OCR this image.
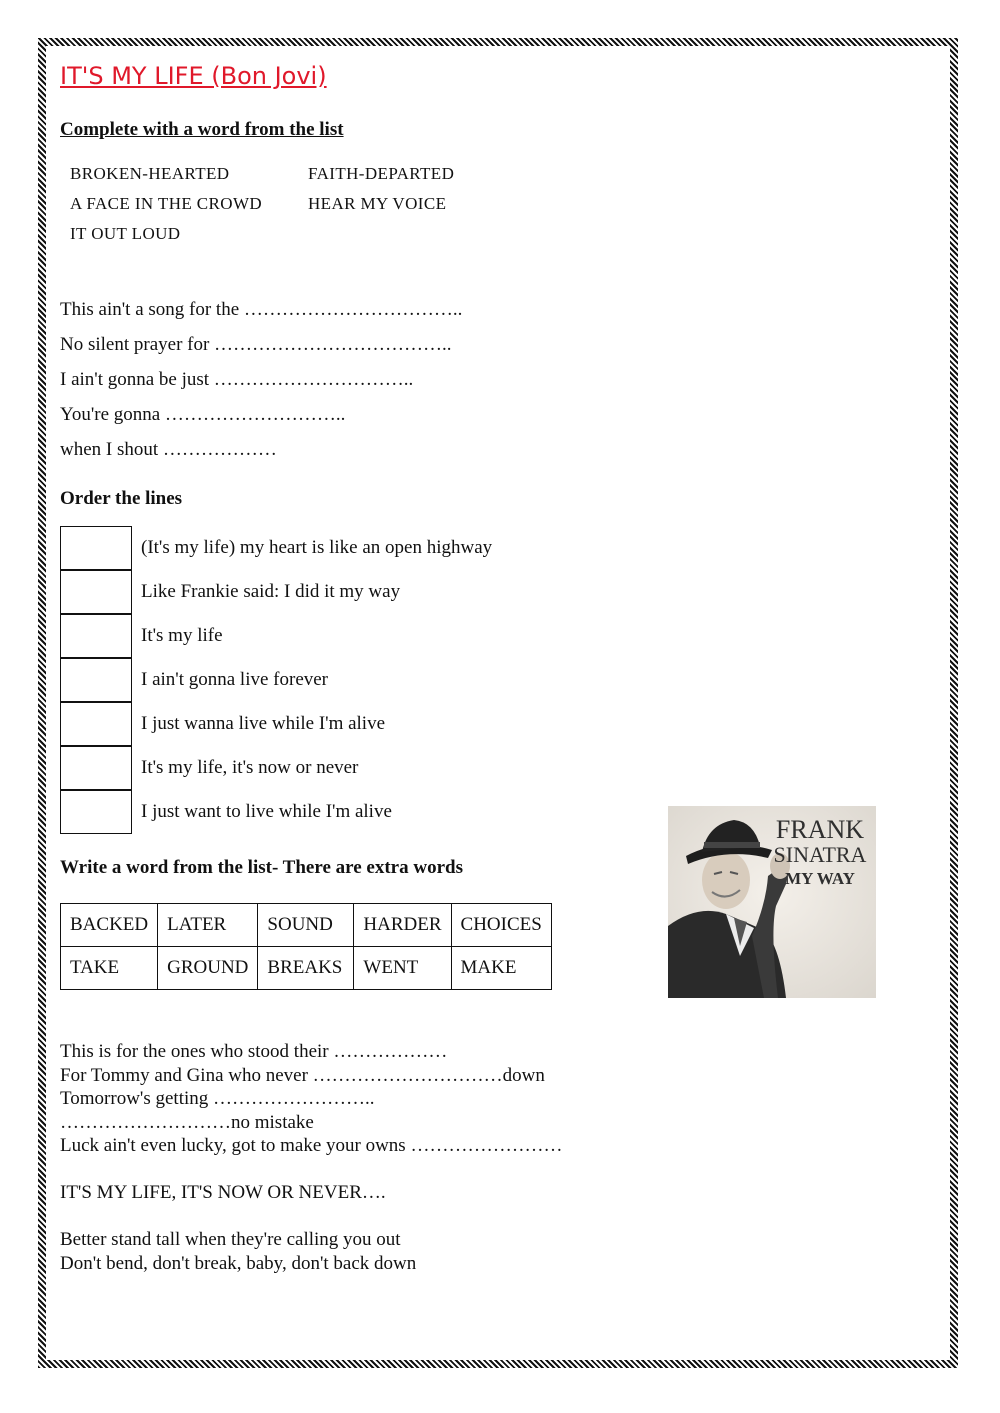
IT'S MY LIFE (Bon Jovi)
Complete with a word from the list
BROKEN-HEARTED	FAITH-DEPARTED
A FACE IN THE CROWD	HEAR MY VOICE
IT OUT LOUD
This ain't a song for the ……………………………..
No silent prayer for ………………………………..
I ain't gonna be just …………………………..
You're gonna ………………………..
when I shout ………………
Order the lines
(It's my life) my heart is like an open highway
Like Frankie said: I did it my way
It's my life
I ain't gonna live forever
I just wanna live while I'm alive
It's my life, it's now or never
I just want to live while I'm alive
FRANK
SINATRA
MY WAY
Write a word from the list- There are extra words
BACKED	LATER	SOUND	HARDER	CHOICES
TAKE	GROUND	BREAKS	WENT	MAKE
This is for the ones who stood their ………………
For Tommy and Gina who never …………………………down
Tomorrow's getting ……………………..
………………………no mistake
Luck ain't even lucky, got to make your owns ……………………
IT'S MY LIFE, IT'S NOW OR NEVER….
Better stand tall when they're calling you out
Don't bend, don't break, baby, don't back down
